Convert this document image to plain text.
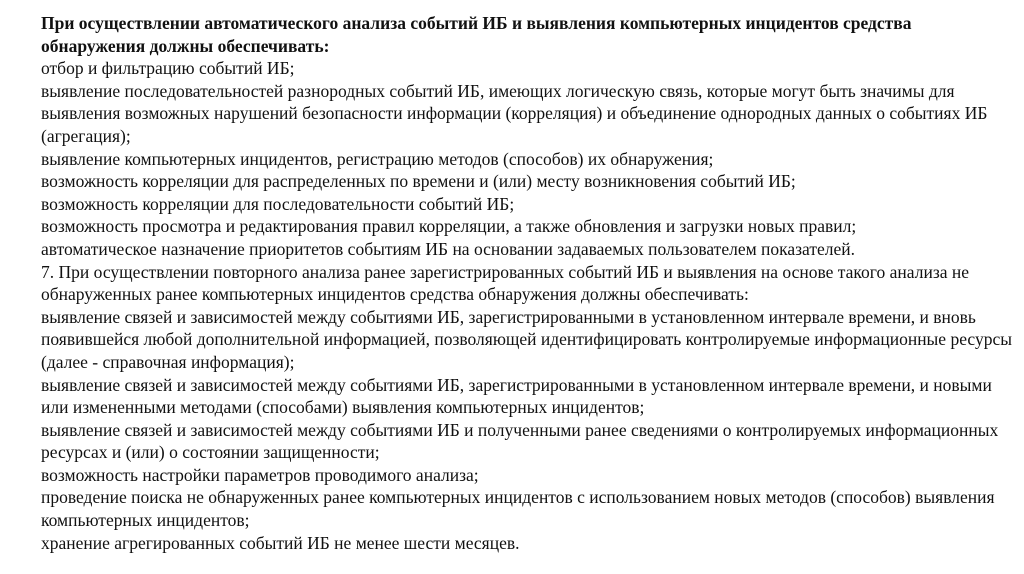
При осуществлении автоматического анализа событий ИБ и выявления компьютерных инцидентов средства обнаружения должны обеспечивать:

отбор и фильтрацию событий ИБ;

выявление последовательностей разнородных событий ИБ, имеющих логическую связь, которые могут быть значимы для выявления возможных нарушений безопасности информации (корреляция) и объединение однородных данных о событиях ИБ (агрегация);

выявление компьютерных инцидентов, регистрацию методов (способов) их обнаружения;

возможность корреляции для распределенных по времени и (или) месту возникновения событий ИБ;

возможность корреляции для последовательности событий ИБ;

возможность просмотра и редактирования правил корреляции, а также обновления и загрузки новых правил;

автоматическое назначение приоритетов событиям ИБ на основании задаваемых пользователем показателей.

7. При осуществлении повторного анализа ранее зарегистрированных событий ИБ и выявления на основе такого анализа не обнаруженных ранее компьютерных инцидентов средства обнаружения должны обеспечивать:

выявление связей и зависимостей между событиями ИБ, зарегистрированными в установленном интервале времени, и вновь появившейся любой дополнительной информацией, позволяющей идентифицировать контролируемые информационные ресурсы (далее - справочная информация);

выявление связей и зависимостей между событиями ИБ, зарегистрированными в установленном интервале времени, и новыми или измененными методами (способами) выявления компьютерных инцидентов;

выявление связей и зависимостей между событиями ИБ и полученными ранее сведениями о контролируемых информационных ресурсах и (или) о состоянии защищенности;

возможность настройки параметров проводимого анализа;

проведение поиска не обнаруженных ранее компьютерных инцидентов с использованием новых методов (способов) выявления компьютерных инцидентов;

хранение агрегированных событий ИБ не менее шести месяцев.
